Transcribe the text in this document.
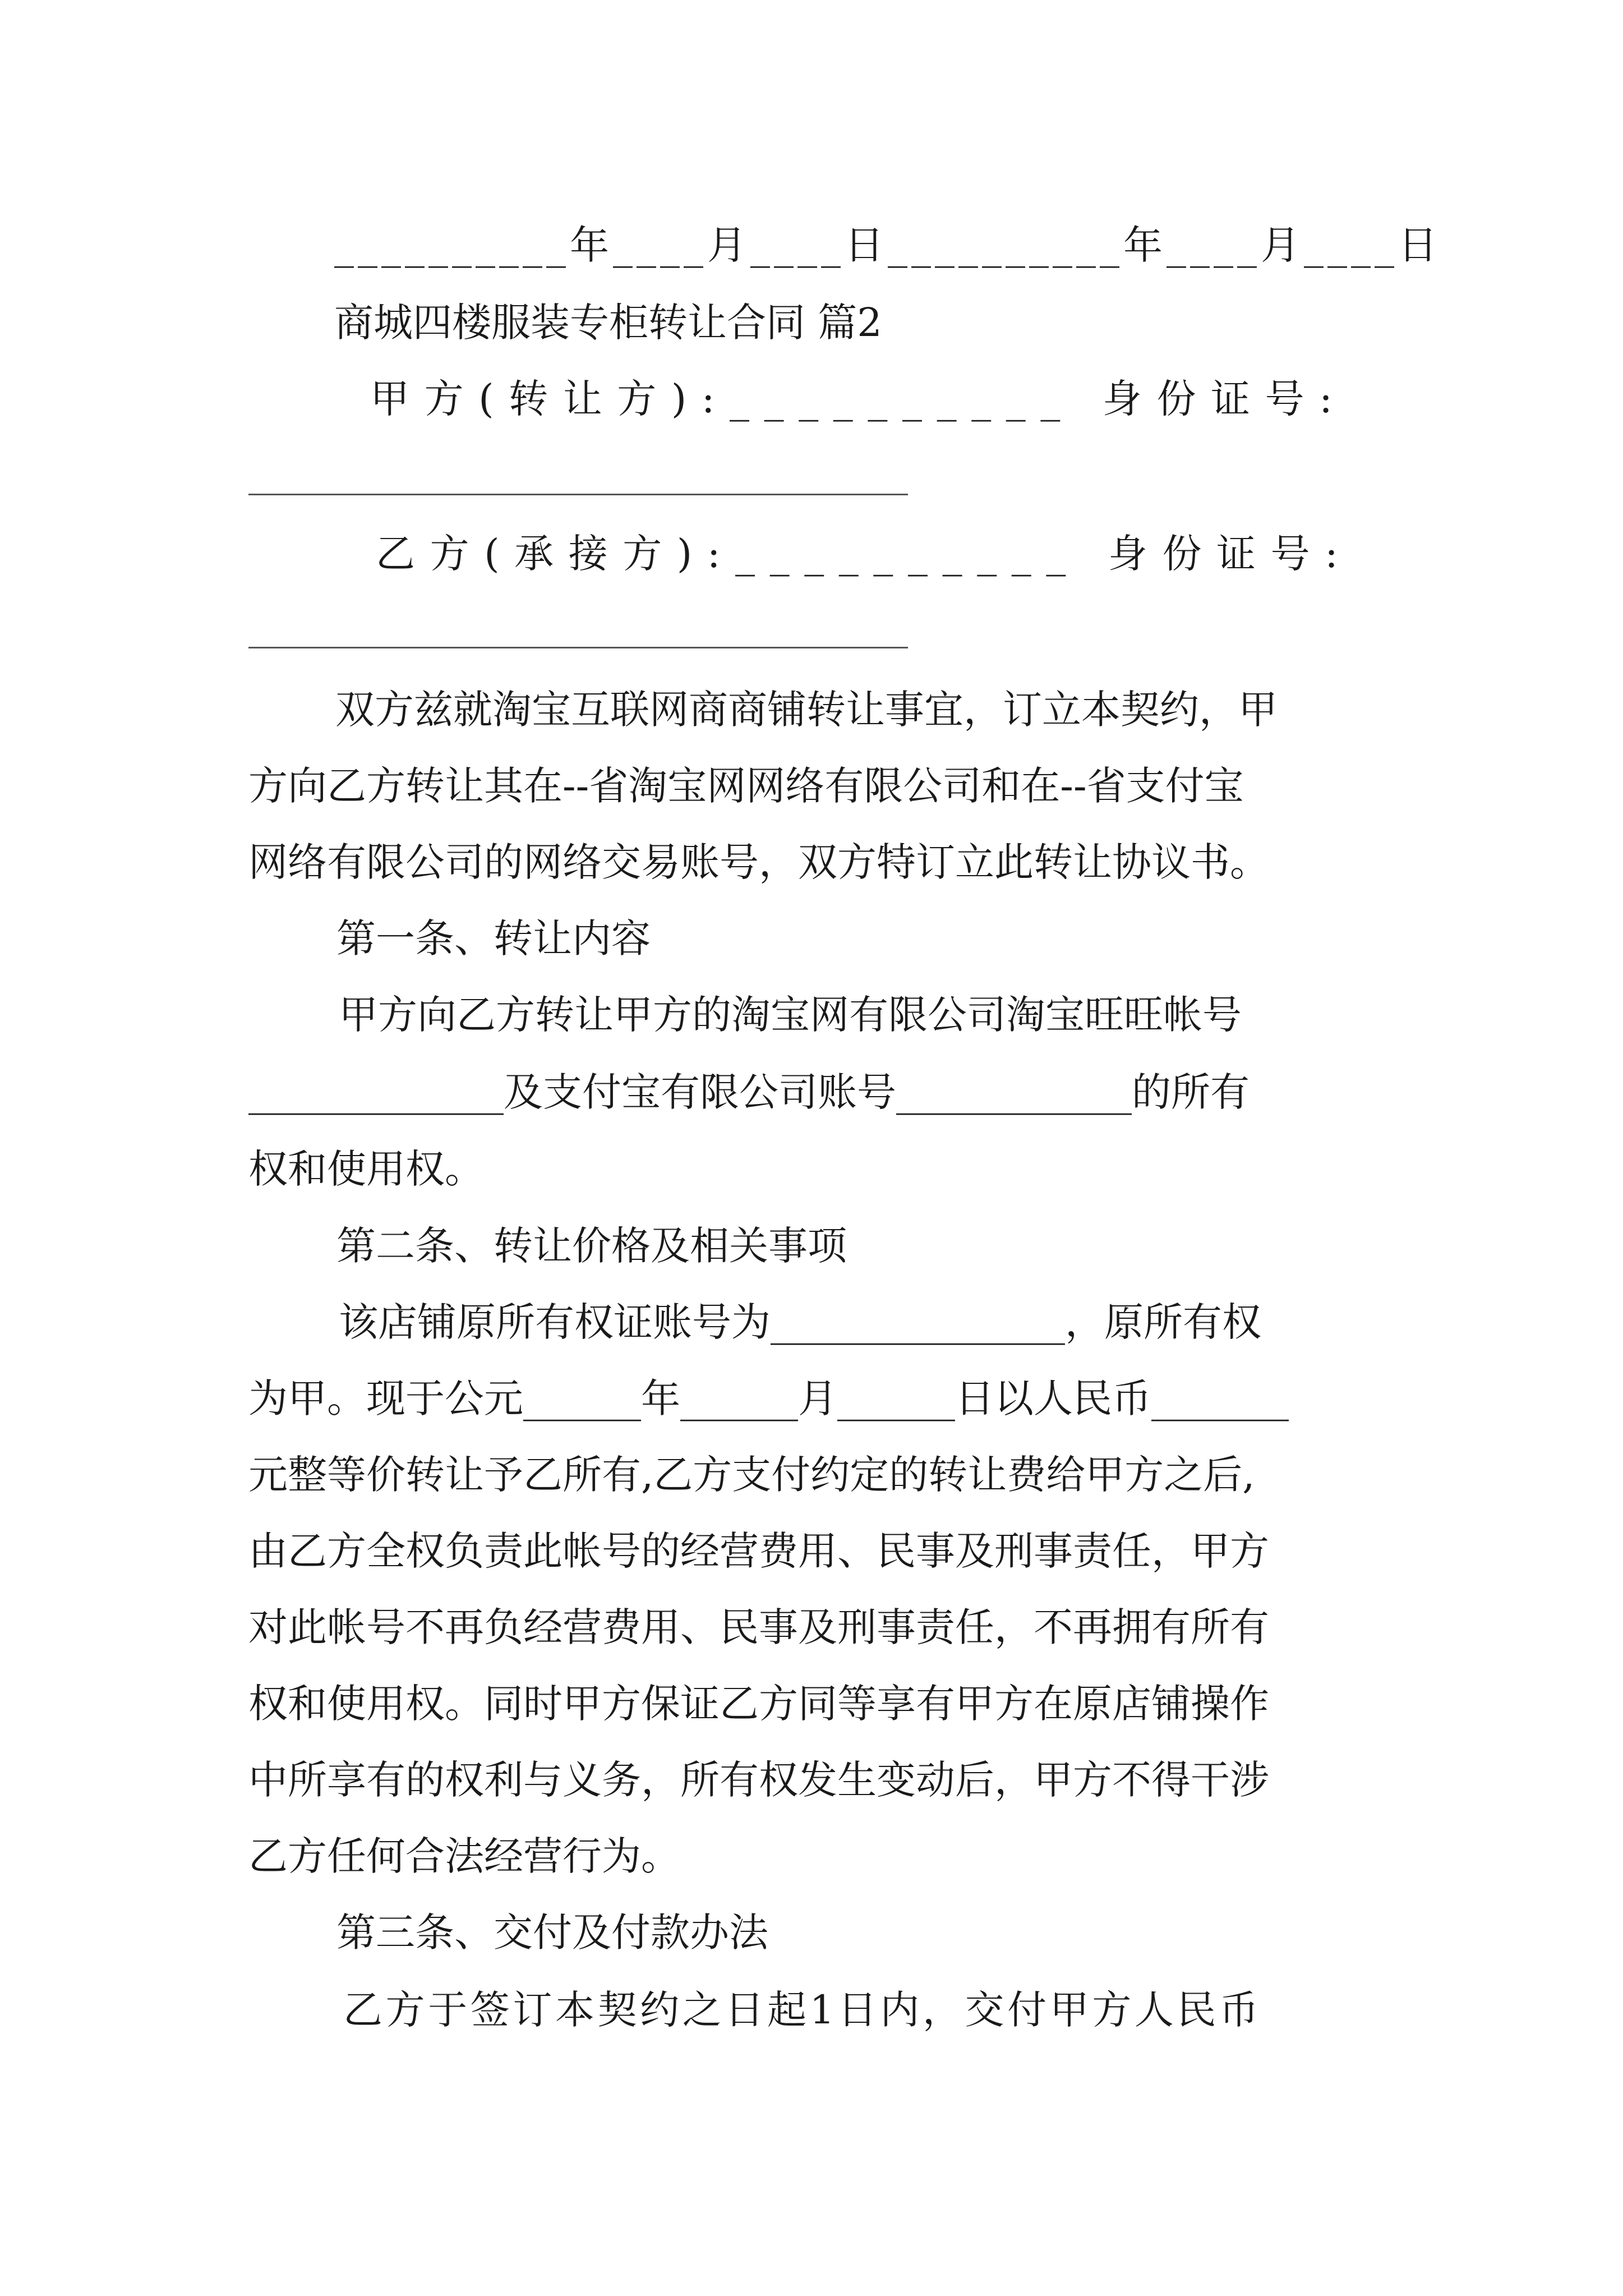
__________年____月____日__________年____月____日
商城四楼服装专柜转让合同 篇2
甲方(转让方):__________ 身份证号:
乙方(承接方):__________ 身份证号:
双方兹就淘宝互联网商商铺转让事宜，订立本契约，甲
方向乙方转让其在--省淘宝网网络有限公司和在--省支付宝
网络有限公司的网络交易账号，双方特订立此转让协议书。
第一条、转让内容
甲方向乙方转让甲方的淘宝网有限公司淘宝旺旺帐号
_____________及支付宝有限公司账号____________的所有
权和使用权。
第二条、转让价格及相关事项
该店铺原所有权证账号为_______________，原所有权
为甲。现于公元______年______月______日以人民币_______
元整等价转让予乙所有,乙方支付约定的转让费给甲方之后,
由乙方全权负责此帐号的经营费用、民事及刑事责任，甲方
对此帐号不再负经营费用、民事及刑事责任，不再拥有所有
权和使用权。同时甲方保证乙方同等享有甲方在原店铺操作
中所享有的权利与义务，所有权发生变动后，甲方不得干涉
乙方任何合法经营行为。
第三条、交付及付款办法
乙方于签订本契约之日起1日内，交付甲方人民币
